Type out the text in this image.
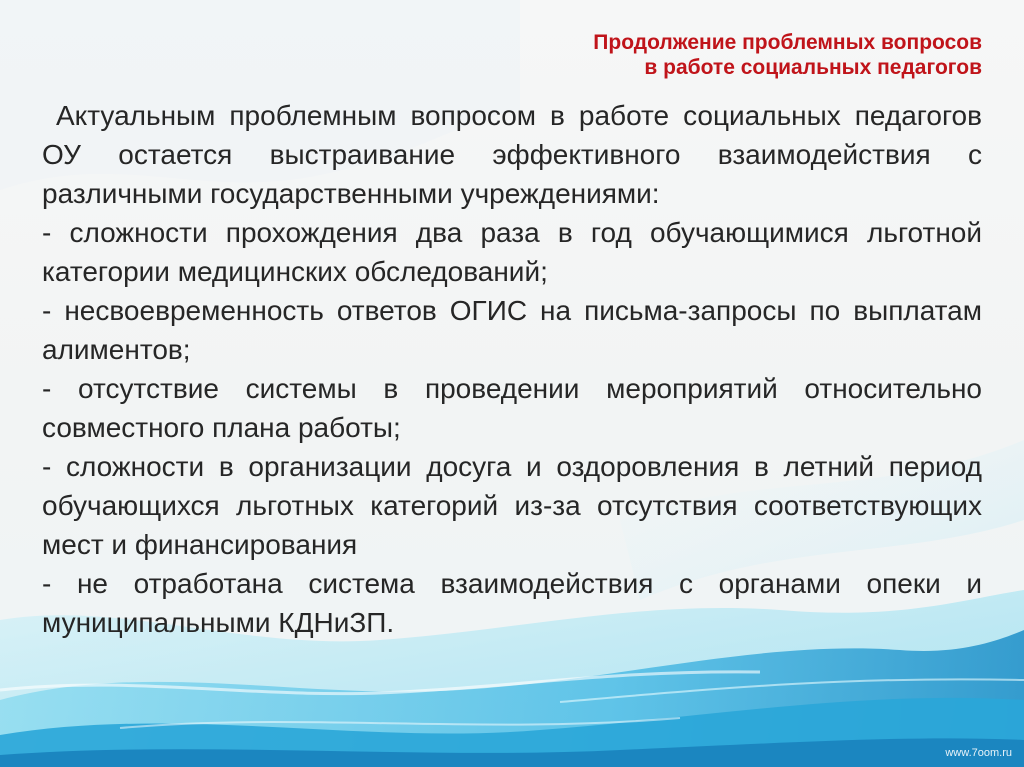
Продолжение проблемных вопросов
в работе социальных педагогов

Актуальным проблемным вопросом в работе социальных педагогов ОУ остается выстраивание эффективного взаимодействия с различными государственными учреждениями:

- сложности прохождения два раза в год обучающимися льготной категории медицинских обследований;

- несвоевременность ответов ОГИС на письма-запросы по выплатам алиментов;

- отсутствие системы в проведении мероприятий относительно совместного плана работы;

- сложности в организации досуга и оздоровления в летний период обучающихся льготных категорий из-за отсутствия соответствующих мест и финансирования

- не отработана система взаимодействия с органами опеки и муниципальными КДНиЗП.

www.7oom.ru
